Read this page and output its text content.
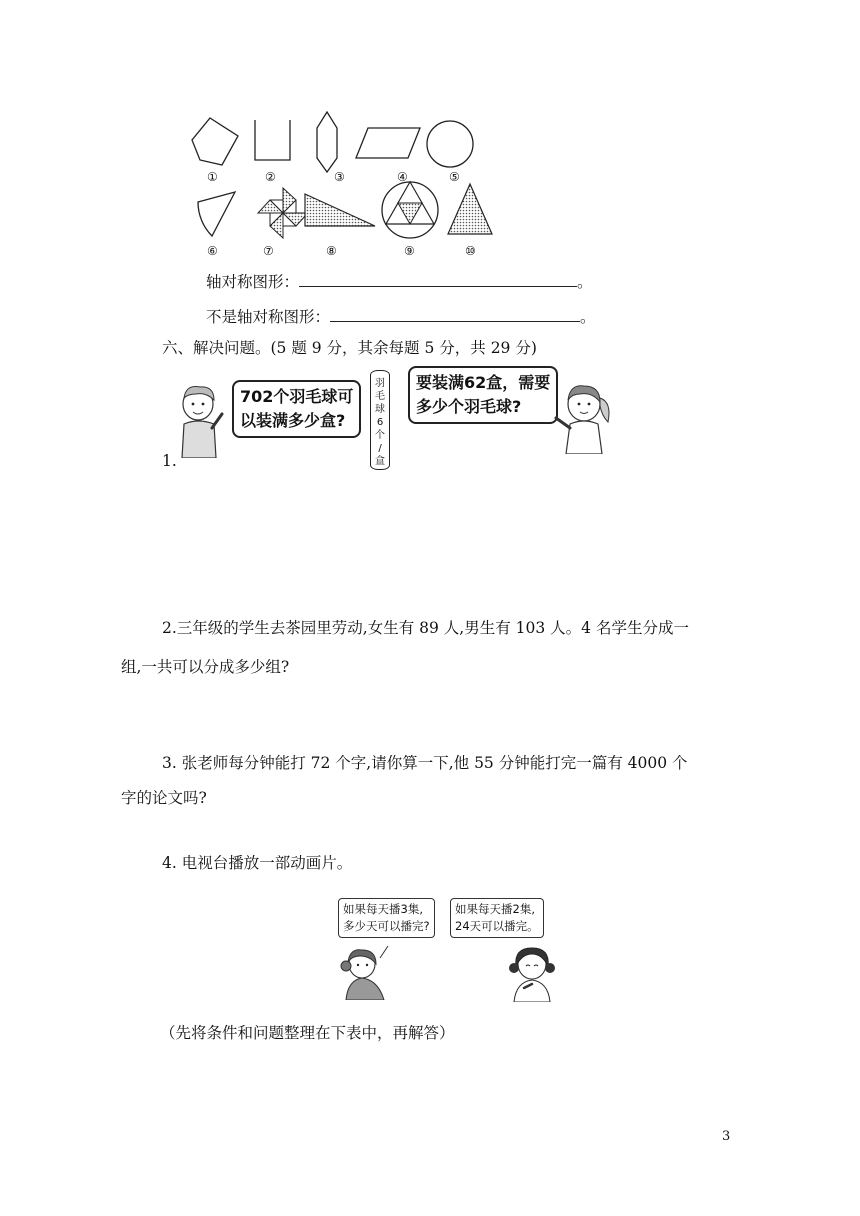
①	②	③	④	⑤
⑥	⑦	⑧	⑨	⑩
轴对称图形：	。
不是轴对称图形：	。
六、解决问题。(5 题 9 分，其余每题 5 分，共 29 分)
702个羽毛球可
以装满多少盒?
羽
毛
球
6
个
/
盒
要装满62盒，需要
多少个羽毛球?
1.
2.三年级的学生去茶园里劳动,女生有 89 人,男生有 103 人。4 名学生分成一
组,一共可以分成多少组?
3. 张老师每分钟能打 72 个字,请你算一下,他 55 分钟能打完一篇有 4000 个
字的论文吗?
4. 电视台播放一部动画片。
如果每天播3集,
多少天可以播完?
如果每天播2集,
24天可以播完。
（先将条件和问题整理在下表中，再解答）
3
